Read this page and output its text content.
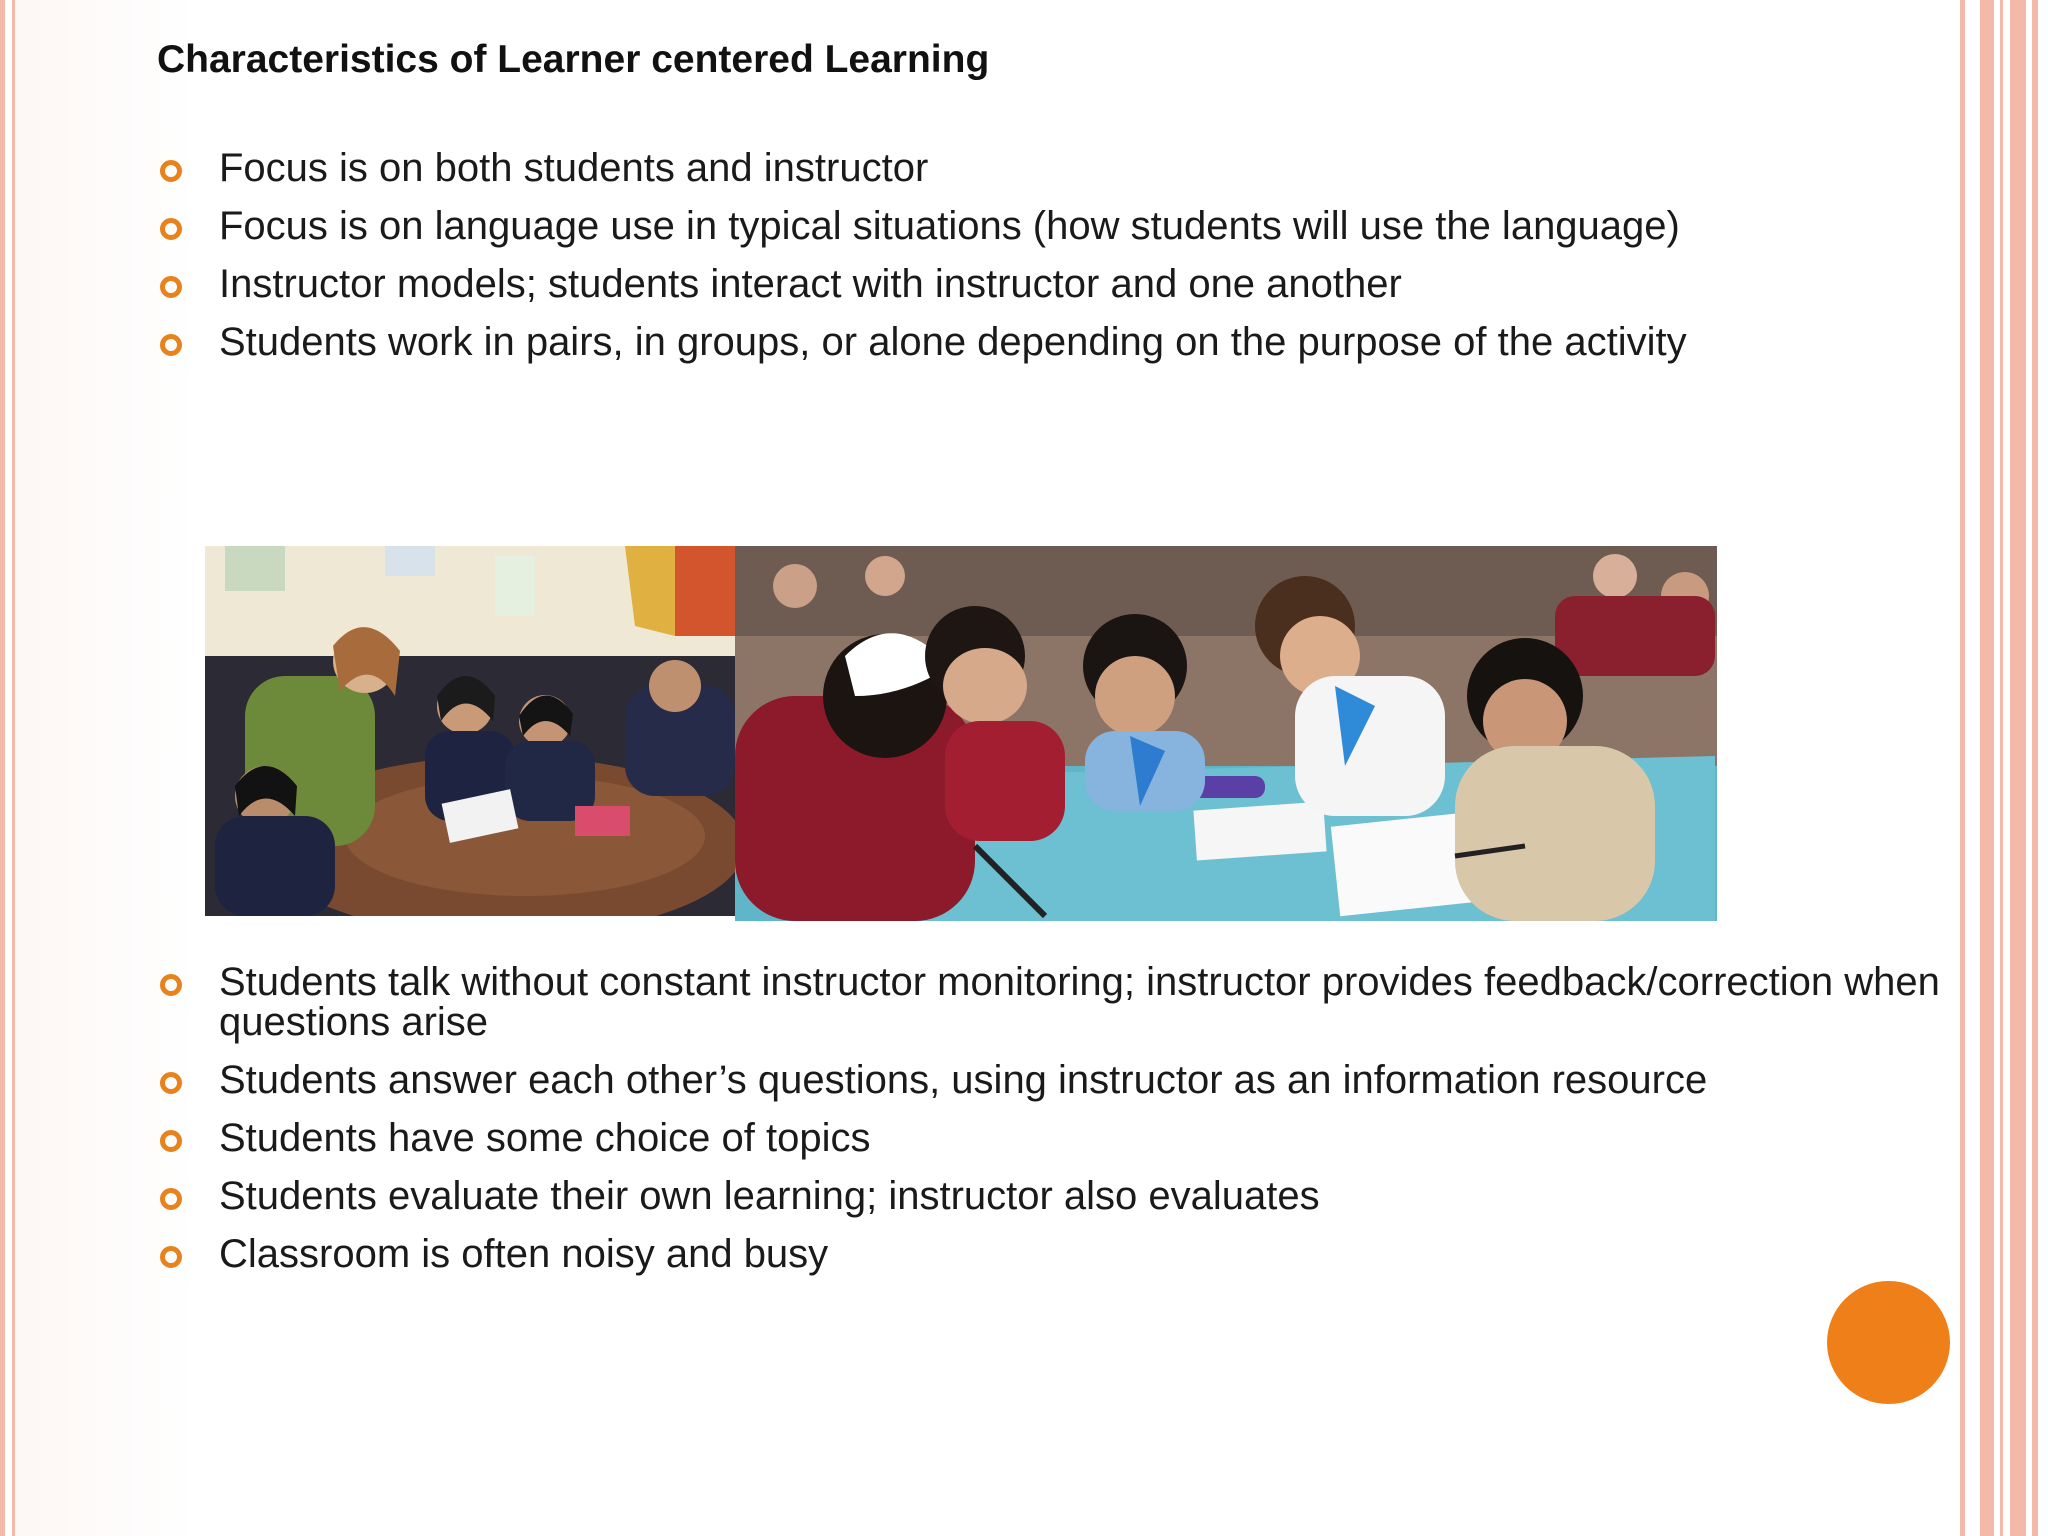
Characteristics of Learner centered Learning
Focus is on both students and instructor
Focus is on language use in typical situations (how students will use the language)
Instructor models; students interact with instructor and one another
Students work in pairs, in groups, or alone depending on the purpose of the activity
Students talk without constant instructor monitoring; instructor provides feedback/correction when questions arise
Students answer each other’s questions, using instructor as an information resource
Students have some choice of topics
Students evaluate their own learning; instructor also evaluates
Classroom is often noisy and busy
